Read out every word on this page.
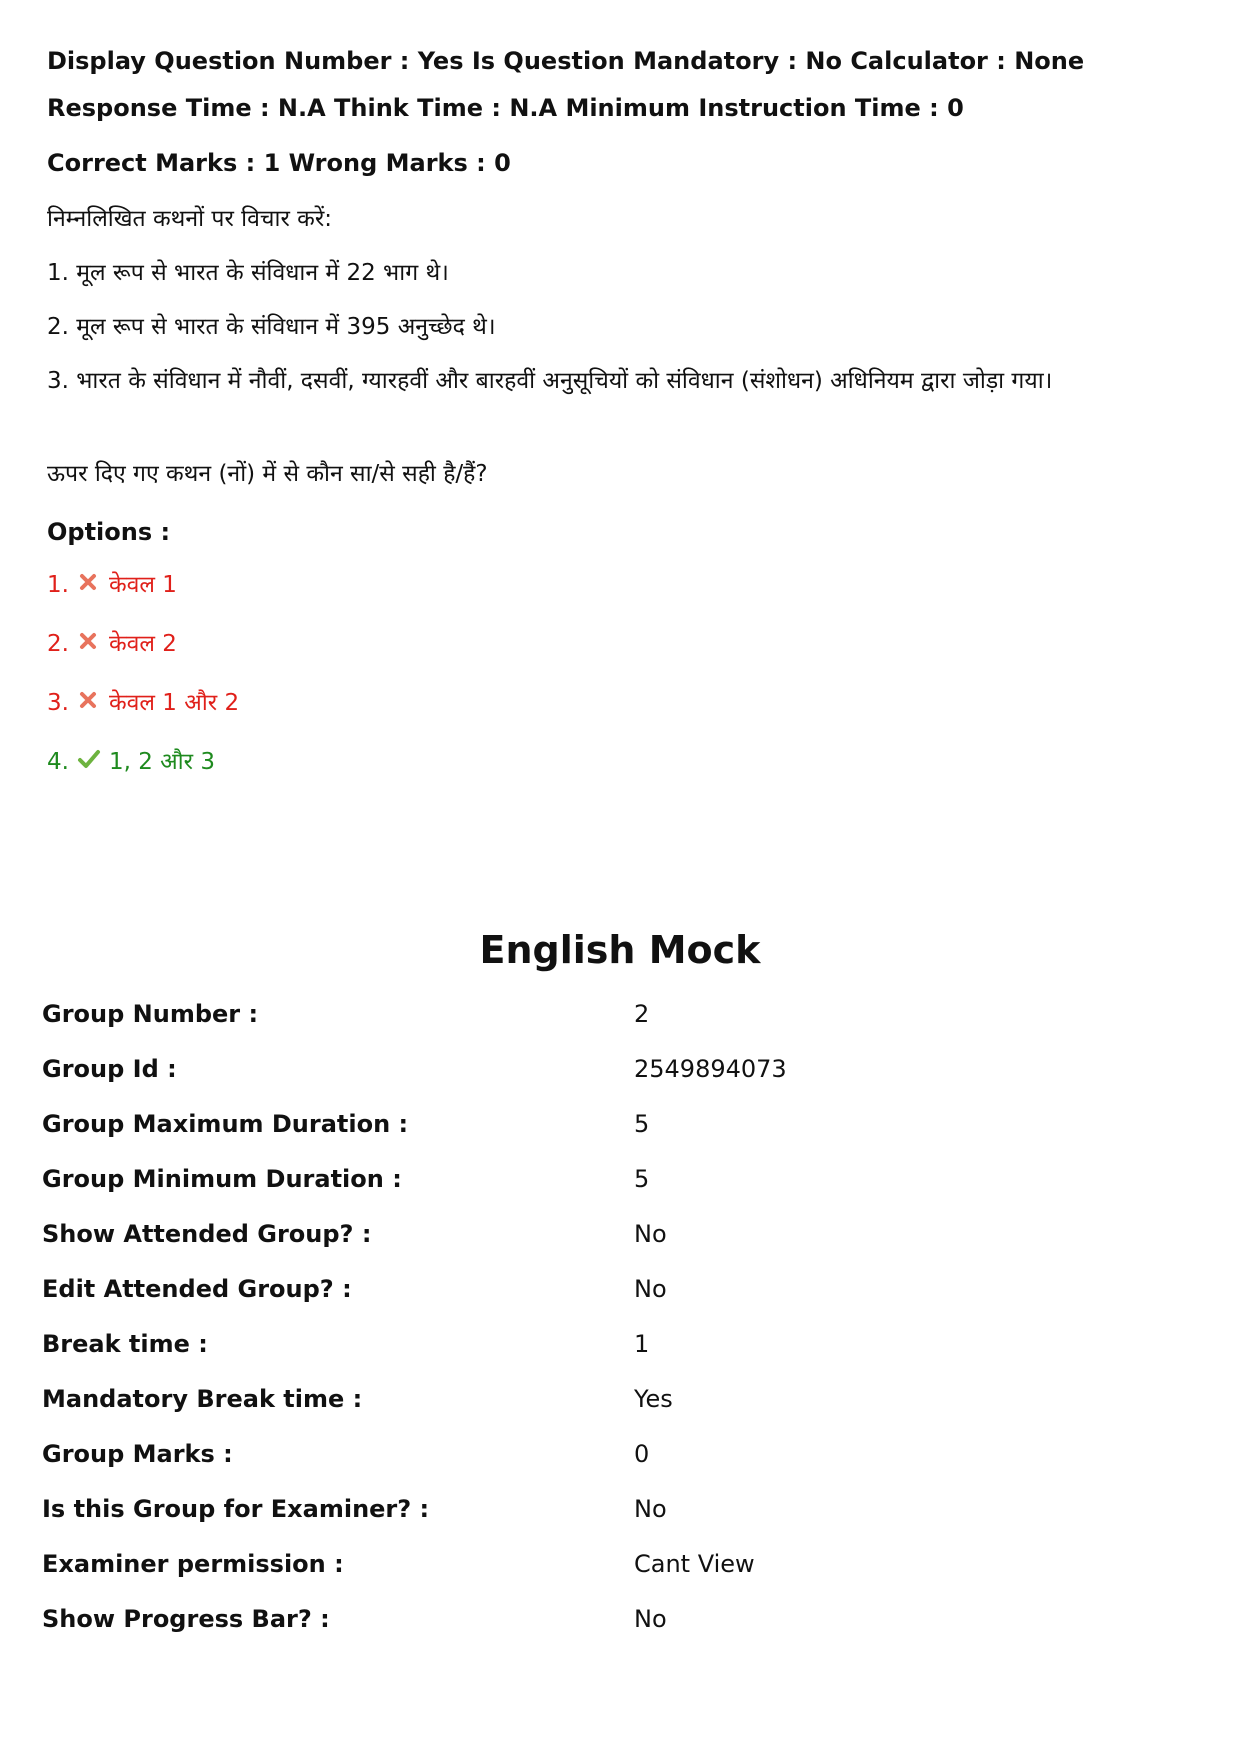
Display Question Number : Yes Is Question Mandatory : No Calculator : None Response Time : N.A Think Time : N.A Minimum Instruction Time : 0

Correct Marks : 1 Wrong Marks : 0

निम्नलिखित कथनों पर विचार करें:

1. मूल रूप से भारत के संविधान में 22 भाग थे।

2. मूल रूप से भारत के संविधान में 395 अनुच्छेद थे।

3. भारत के संविधान में नौवीं, दसवीं, ग्यारहवीं और बारहवीं अनुसूचियों को संविधान (संशोधन) अधिनियम द्वारा जोड़ा गया।

ऊपर दिए गए कथन (नों) में से कौन सा/से सही है/हैं?

Options :

1. केवल 1
2. केवल 2
3. केवल 1 और 2
4. 1, 2 और 3
English Mock
Group Number :	2
Group Id :	2549894073
Group Maximum Duration :	5
Group Minimum Duration :	5
Show Attended Group? :	No
Edit Attended Group? :	No
Break time :	1
Mandatory Break time :	Yes
Group Marks :	0
Is this Group for Examiner? :	No
Examiner permission :	Cant View
Show Progress Bar? :	No
